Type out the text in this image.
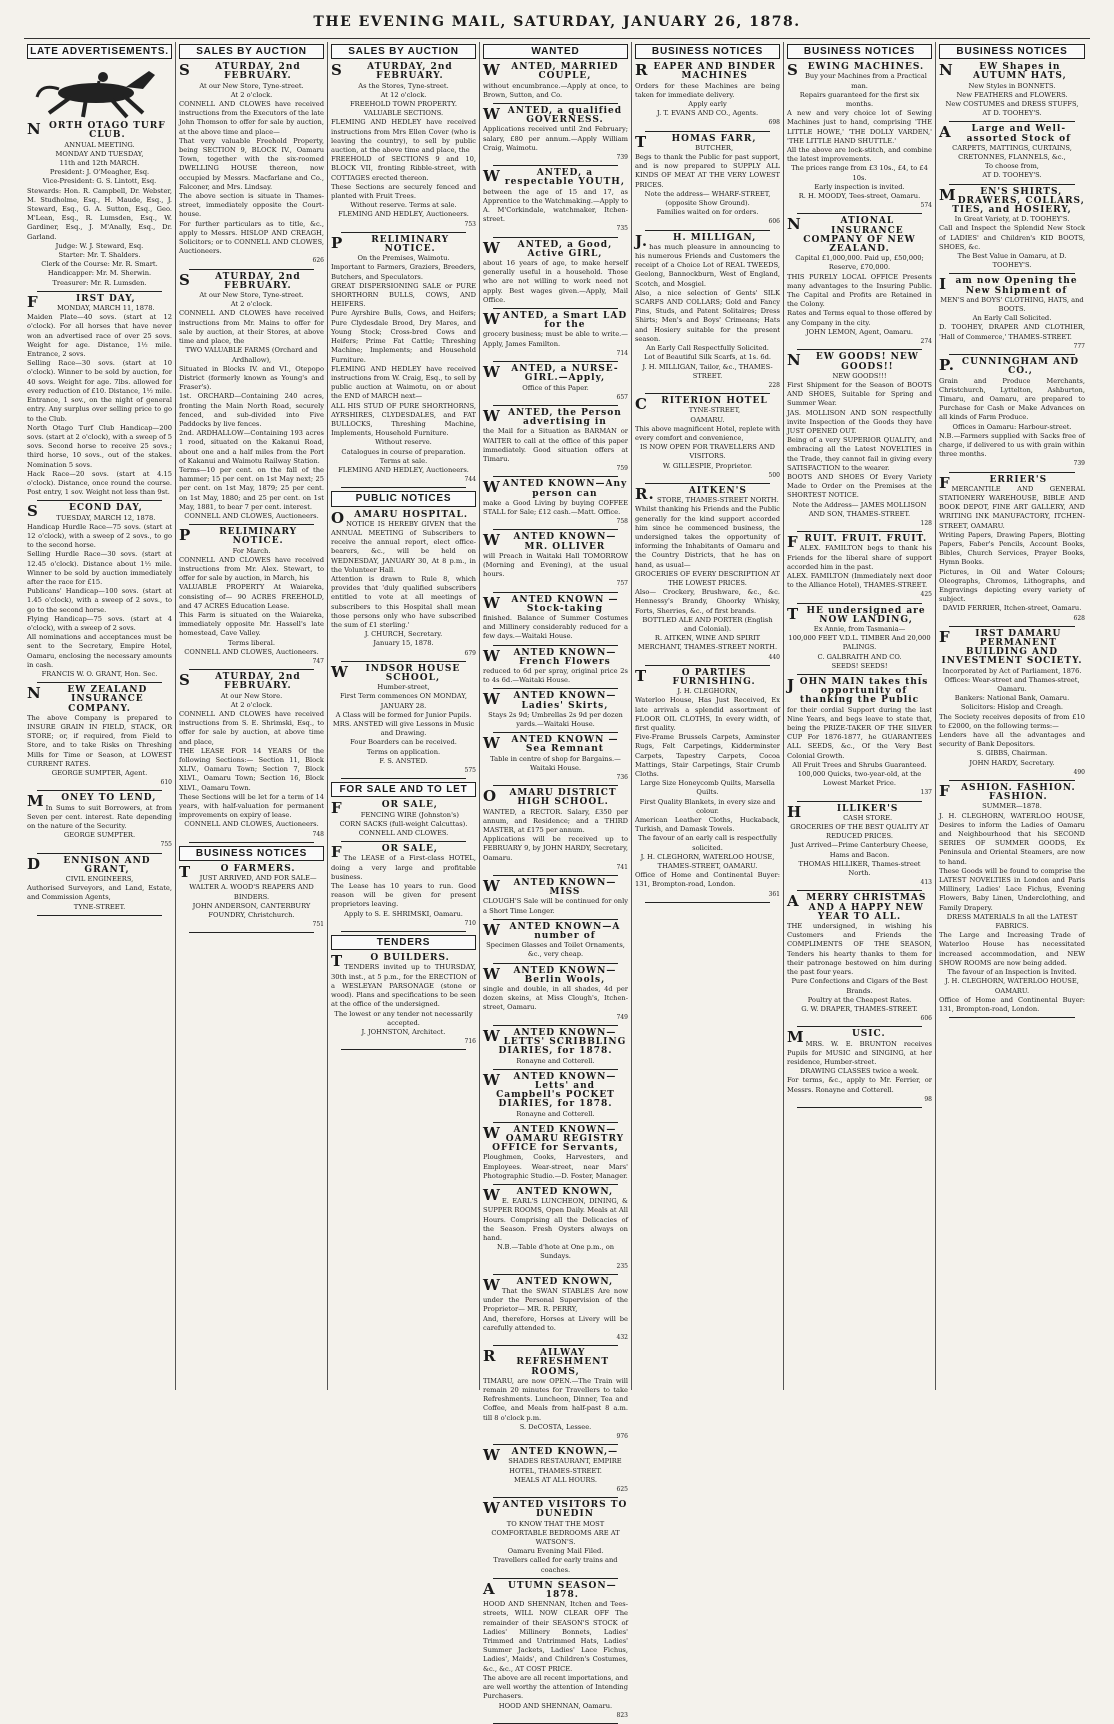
THE EVENING MAIL, SATURDAY, JANUARY 26, 1878.
LATE ADVERTISEMENTS.

NORTH OTAGO TURF CLUB.

ANNUAL MEETING.

MONDAY AND TUESDAY,

11th and 12th MARCH.

President: J. O'Meagher, Esq.

Vice-President: G. S. Lintott, Esq.

Stewards: Hon. R. Campbell, Dr. Webster, M. Studholme, Esq., H. Maude, Esq., J. Steward, Esq., G. A. Sutton, Esq., Geo. M'Lean, Esq., R. Lumsden, Esq., W. Gardiner, Esq., J. M'Anally, Esq., Dr. Garland.

Judge: W. J. Steward, Esq.

Starter: Mr. T. Shalders.

Clerk of the Course: Mr. R. Smart.

Handicapper: Mr. M. Sherwin.

Treasurer: Mr. R. Lumsden.

FIRST DAY,

MONDAY, MARCH 11, 1878.

Maiden Plate—40 sovs. (start at 12 o'clock). For all horses that have never won an advertised race of over 25 sovs. Weight for age. Distance, 1½ mile. Entrance, 2 sovs.

Selling Race—30 sovs. (start at 10 o'clock). Winner to be sold by auction, for 40 sovs. Weight for age. 7lbs. allowed for every reduction of £10. Distance, 1½ mile. Entrance, 1 sov., on the night of general entry. Any surplus over selling price to go to the Club.

North Otago Turf Club Handicap—200 sovs. (start at 2 o'clock), with a sweep of 5 sovs. Second horse to receive 25 sovs.; third horse, 10 sovs., out of the stakes. Nomination 5 sovs.

Hack Race—20 sovs. (start at 4.15 o'clock). Distance, once round the course. Post entry, 1 sov. Weight not less than 9st.

SECOND DAY,

TUESDAY, MARCH 12, 1878.

Handicap Hurdle Race—75 sovs. (start at 12 o'clock), with a sweep of 2 sovs., to go to the second horse.

Selling Hurdle Race—30 sovs. (start at 12.45 o'clock). Distance about 1½ mile. Winner to be sold by auction immediately after the race for £15.

Publicans' Handicap—100 sovs. (start at 1.45 o'clock), with a sweep of 2 sovs., to go to the second horse.

Flying Handicap—75 sovs. (start at 4 o'clock), with a sweep of 2 sovs.

All nominations and acceptances must be sent to the Secretary, Empire Hotel, Oamaru, enclosing the necessary amounts in cash.

FRANCIS W. O. GRANT, Hon. Sec.

NEW ZEALAND INSURANCE COMPANY.

The above Company is prepared to INSURE GRAIN IN FIELD, STACK, OR STORE; or, if required, from Field to Store, and to take Risks on Threshing Mills for Time or Season, at LOWEST CURRENT RATES.

GEORGE SUMPTER, Agent.

610

MONEY TO LEND,

In Sums to suit Borrowers, at from Seven per cent. interest. Rate depending on the nature of the Security.

GEORGE SUMPTER.

755

DENNISON AND GRANT,

CIVIL ENGINEERS,

Authorised Surveyors, and Land, Estate, and Commission Agents,

TYNE-STREET.

SALES BY AUCTION

SATURDAY, 2nd FEBRUARY.

At our New Store, Tyne-street.

At 2 o'clock.

CONNELL AND CLOWES have received instructions from the Executors of the late John Thomson to offer for sale by auction, at the above time and place—

That very valuable Freehold Property, being SECTION 9, BLOCK IV., Oamaru Town, together with the six-roomed DWELLING HOUSE thereon, now occupied by Messrs. Macfarlane and Co., Falconer, and Mrs. Lindsay.

The above section is situate in Thames-street, immediately opposite the Court-house.

For further particulars as to title, &c., apply to Messrs. HISLOP AND CREAGH, Solicitors; or to CONNELL AND CLOWES, Auctioneers.

626

SATURDAY, 2nd FEBRUARY.

At our New Store, Tyne-street.

At 2 o'clock.

CONNELL AND CLOWES have received instructions from Mr. Mains to offer for sale by auction, at their Stores, at above time and place, the

TWO VALUABLE FARMS (Orchard and Ardhallow),

Situated in Blocks IV. and VI., Otepopo District (formerly known as Young's and Fraser's).

1st. ORCHARD—Containing 240 acres, fronting the Main North Road, securely fenced, and sub-divided into Five Paddocks by live fences.

2nd. ARDHALLOW—Containing 193 acres 1 rood, situated on the Kakanui Road, about one and a half miles from the Port of Kakanui and Waimotu Railway Station.

Terms—10 per cent. on the fall of the hammer; 15 per cent. on 1st May next; 25 per cent. on 1st May, 1879; 25 per cent. on 1st May, 1880; and 25 per cent. on 1st May, 1881, to bear 7 per cent. interest.

CONNELL AND CLOWES, Auctioneers.

PRELIMINARY NOTICE.

For March.

CONNELL AND CLOWES have received instructions from Mr. Alex. Stewart, to offer for sale by auction, in March, his

VALUABLE PROPERTY At Waiareka, consisting of— 90 ACRES FREEHOLD, and 47 ACRES Education Lease.

This Farm is situated on the Waiareka, immediately opposite Mr. Hassell's late homestead, Cave Valley.

Terms liberal.

CONNELL AND CLOWES, Auctioneers.

747

SATURDAY, 2nd FEBRUARY.

At our New Store.

At 2 o'clock.

CONNELL AND CLOWES have received instructions from S. E. Shrimski, Esq., to offer for sale by auction, at above time and place,

THE LEASE FOR 14 YEARS Of the following Sections:— Section 11, Block XLIV., Oamaru Town; Section 7, Block XLVI., Oamaru Town; Section 16, Block XLVI., Oamaru Town.

These Sections will be let for a term of 14 years, with half-valuation for permanent improvements on expiry of lease.

CONNELL AND CLOWES, Auctioneers.

748

BUSINESS NOTICES

TO FARMERS.

JUST ARRIVED, AND FOR SALE—

WALTER A. WOOD'S REAPERS AND BINDERS.

JOHN ANDERSON, CANTERBURY FOUNDRY, Christchurch.

751

SALES BY AUCTION

SATURDAY, 2nd FEBRUARY.

As the Stores, Tyne-street.

At 12 o'clock.

FREEHOLD TOWN PROPERTY.

VALUABLE SECTIONS.

FLEMING AND HEDLEY have received instructions from Mrs Ellen Cover (who is leaving the country), to sell by public auction, at the above time and place, the

FREEHOLD of SECTIONS 9 and 10, BLOCK VII, fronting Ribble-street, with COTTAGES erected thereon.

These Sections are securely fenced and planted with Fruit Trees.

Without reserve. Terms at sale.

FLEMING AND HEDLEY, Auctioneers.

753

PRELIMINARY NOTICE.

On the Premises, Waimotu.

Important to Farmers, Graziers, Breeders, Butchers, and Speculators.

GREAT DISPERSIONING SALE or PURE SHORTHORN BULLS, COWS, AND HEIFERS.

Pure Ayrshire Bulls, Cows, and Heifers; Pure Clydesdale Brood, Dry Mares, and Young Stock; Cross-bred Cows and Heifers; Prime Fat Cattle; Threshing Machine; Implements; and Household Furniture.

FLEMING AND HEDLEY have received instructions from W. Craig, Esq., to sell by public auction at Waimotu, on or about the END of MARCH next—

ALL HIS STUD OF PURE SHORTHORNS, AYRSHIRES, CLYDESDALES, and FAT BULLOCKS, Threshing Machine, Implements, Household Furniture.

Without reserve.

Catalogues in course of preparation.

Terms at sale.

FLEMING AND HEDLEY, Auctioneers.

744

PUBLIC NOTICES

OAMARU HOSPITAL.

NOTICE IS HEREBY GIVEN that the ANNUAL MEETING of Subscribers to receive the annual report, elect office-bearers, &c., will be held on WEDNESDAY, JANUARY 30, At 8 p.m., in the Volunteer Hall.

Attention is drawn to Rule 8, which provides that 'duly qualified subscribers entitled to vote at all meetings of subscribers to this Hospital shall mean those persons only who have subscribed the sum of £1 sterling.'

J. CHURCH, Secretary.

January 15, 1878.

679

WINDSOR HOUSE SCHOOL,

Humber-street,

First Term commences ON MONDAY, JANUARY 28.

A Class will be formed for Junior Pupils.

MRS. ANSTED will give Lessons in Music and Drawing.

Four Boarders can be received.

Terms on application.

F. S. ANSTED.

575

FOR SALE AND TO LET

FOR SALE,

FENCING WIRE (Johnston's)

CORN SACKS (full-weight Calcuttas).

CONNELL AND CLOWES.

FOR SALE,

The LEASE of a First-class HOTEL, doing a very large and profitable business.

The Lease has 10 years to run. Good reason will be given for present proprietors leaving.

Apply to S. E. SHRIMSKI, Oamaru.

710

TENDERS

TO BUILDERS.

TENDERS invited up to THURSDAY, 30th inst., at 5 p.m., for the ERECTION of a WESLEYAN PARSONAGE (stone or wood). Plans and specifications to be seen at the office of the undersigned.

The lowest or any tender not necessarily accepted.

J. JOHNSTON, Architect.

716

WANTED

WANTED, MARRIED COUPLE,

without encumbrance.—Apply at once, to Brown, Sutton, and Co.

WANTED, a qualified GOVERNESS.

Applications received until 2nd February; salary, £80 per annum.—Apply William Craig, Waimotu.

739

WANTED, a respectable YOUTH,

between the age of 15 and 17, as Apprentice to the Watchmaking.—Apply to A. M'Corkindale, watchmaker, Itchen-street.

735

WANTED, a Good, Active GIRL,

about 16 years of age, to make herself generally useful in a household. Those who are not willing to work need not apply. Best wages given.—Apply, Mail Office.

WANTED, a Smart LAD for the

grocery business; must be able to write.—Apply, James Familton.

714

WANTED, a NURSE-GIRL.—Apply,

Office of this Paper.

657

WANTED, the Person advertising in

the Mail for a Situation as BARMAN or WAITER to call at the office of this paper immediately. Good situation offers at Timaru.

759

WANTED KNOWN—Any person can

make a Good Living by buying COFFEE STALL for Sale; £12 cash.—Matt. Office.

758

WANTED KNOWN—MR. OLLIVER

will Preach in Waitaki Hall TOMORROW (Morning and Evening), at the usual hours.

757

WANTED KNOWN — Stock-taking

finished. Balance of Summer Costumes and Millinery considerably reduced for a few days.—Waitaki House.

WANTED KNOWN—French Flowers

reduced to 6d per spray, original price 2s to 4s 6d.—Waitaki House.

WANTED KNOWN—Ladies' Skirts,

Stays 2s 9d; Umbrellas 2s 9d per dozen yards.—Waitaki House.

WANTED KNOWN — Sea Remnant

Table in centre of shop for Bargains.—Waitaki House.

736

OAMARU DISTRICT HIGH SCHOOL.

WANTED, a RECTOR. Salary, £350 per annum, and Residence; and a THIRD MASTER, at £175 per annum.

Applications will be received up to FEBRUARY 9, by JOHN HARDY, Secretary, Oamaru.

741

WANTED KNOWN—MISS

CLOUGH'S Sale will be continued for only a Short Time Longer.

WANTED KNOWN—A number of

Specimen Glasses and Toilet Ornaments, &c., very cheap.

WANTED KNOWN—Berlin Wools,

single and double, in all shades, 4d per dozen skeins, at Miss Clough's, Itchen-street, Oamaru.

749

WANTED KNOWN—LETTS' SCRIBBLING DIARIES, for 1878.

Ronayne and Cotterell.

WANTED KNOWN—Letts' and Campbell's POCKET DIARIES, for 1878.

Ronayne and Cotterell.

WANTED KNOWN—OAMARU REGISTRY OFFICE for Servants,

Ploughmen, Cooks, Harvesters, and Employees. Wear-street, near Mars' Photographic Studio.—D. Foster, Manager.

WANTED KNOWN,

E. EARL'S LUNCHEON, DINING, & SUPPER ROOMS, Open Daily. Meals at All Hours. Comprising all the Delicacies of the Season. Fresh Oysters always on hand.

N.B.—Table d'hote at One p.m., on Sundays.

235

WANTED KNOWN,

That the SWAN STABLES Are now under the Personal Supervision of the Proprietor— MR. R. PERRY,

And, therefore, Horses at Livery will be carefully attended to.

432

RAILWAY REFRESHMENT ROOMS,

TIMARU, are now OPEN.—The Train will remain 20 minutes for Travellers to take Refreshments. Luncheon, Dinner, Tea and Coffee, and Meals from half-past 8 a.m. till 8 o'clock p.m.

S. DeCOSTA, Lessee.

976

WANTED KNOWN,—

SHADES RESTAURANT, EMPIRE HOTEL, THAMES-STREET.

MEALS AT ALL HOURS.

625

WANTED VISITORS TO DUNEDIN

TO KNOW THAT THE MOST COMFORTABLE BEDROOMS ARE AT WATSON'S.

Oamaru Evening Mail Filed.

Travellers called for early trains and coaches.

AUTUMN SEASON—1878.

HOOD AND SHENNAN, Itchen and Tees-streets, WILL NOW CLEAR OFF The remainder of their SEASON'S STOCK of Ladies' Millinery Bonnets, Ladies' Trimmed and Untrimmed Hats, Ladies' Summer Jackets, Ladies' Lace Fichus, Ladies', Maids', and Children's Costumes, &c., &c., AT COST PRICE.

The above are all recent importations, and are well worthy the attention of Intending Purchasers.

HOOD AND SHENNAN, Oamaru.

823

BUSINESS NOTICES

REAPER AND BINDER MACHINES

Orders for these Machines are being taken for immediate delivery.

Apply early

J. T. EVANS AND CO., Agents.

698

THOMAS FARR,

BUTCHER,

Begs to thank the Public for past support, and is now prepared to SUPPLY ALL KINDS OF MEAT AT THE VERY LOWEST PRICES.

Note the address— WHARF-STREET, (opposite Show Ground).

Families waited on for orders.

606

J.H. MILLIGAN,

has much pleasure in announcing to his numerous Friends and Customers the receipt of a Choice Lot of REAL TWEEDS, Geelong, Bannockburn, West of England, Scotch, and Mosgiel.

Also, a nice selection of Gents' SILK SCARFS AND COLLARS; Gold and Fancy Pins, Studs, and Patent Solitaires; Dress Shirts; Men's and Boys' Crimeans; Hats and Hosiery suitable for the present season.

An Early Call Respectfully Solicited.

Lot of Beautiful Silk Scarfs, at 1s. 6d.

J. H. MILLIGAN, Tailor, &c., THAMES-STREET.

228

CRITERION HOTEL

TYNE-STREET,

OAMARU.

This above magnificent Hotel, replete with every comfort and convenience,

IS NOW OPEN FOR TRAVELLERS AND VISITORS.

W. GILLESPIE, Proprietor.

500

R.AITKEN'S

STORE, THAMES-STREET NORTH.

Whilst thanking his Friends and the Public generally for the kind support accorded him since he commenced business, the undersigned takes the opportunity of informing the Inhabitants of Oamaru and the Country Districts, that he has on hand, as usual—

GROCERIES OF EVERY DESCRIPTION AT THE LOWEST PRICES.

Also— Crockery, Brushware, &c., &c. Hennessy's Brandy, Ghoorky Whisky, Forts, Sherries, &c., of first brands.

BOTTLED ALE AND PORTER (English and Colonial).

R. AITKEN, WINE AND SPIRIT MERCHANT, THAMES-STREET NORTH.

440

TO PARTIES FURNISHING.

J. H. CLEGHORN,

Waterloo House, Has Just Received, Ex late arrivals a splendid assortment of FLOOR OIL CLOTHS, In every width, of first quality.

Five-Frame Brussels Carpets, Axminster Rugs, Felt Carpetings, Kidderminster Carpets, Tapestry Carpets, Cocoa Mattings, Stair Carpetings, Stair Crumb Cloths.

Large Size Honeycomb Quilts, Marsella Quilts.

First Quality Blankets, in every size and colour.

American Leather Cloths, Huckaback, Turkish, and Damask Towels.

The favour of an early call is respectfully solicited.

J. H. CLEGHORN, WATERLOO HOUSE, THAMES-STREET, OAMARU.

Office of Home and Continental Buyer: 131, Brompton-road, London.

361

BUSINESS NOTICES

SEWING MACHINES.

Buy your Machines from a Practical man.

Repairs guaranteed for the first six months.

A new and very choice lot of Sewing Machines just to hand, comprising 'THE LITTLE HOWE,' 'THE DOLLY VARDEN,' 'THE LITTLE HAND SHUTTLE.'

All the above are lock-stitch, and combine the latest improvements.

The prices range from £3 10s., £4, to £4 10s.

Early inspection is invited.

R. H. MOODY, Tees-street, Oamaru.

574

NATIONAL INSURANCE COMPANY OF NEW ZEALAND.

Capital £1,000,000. Paid up, £50,000; Reserve, £70,000.

THIS PURELY LOCAL OFFICE Presents many advantages to the Insuring Public. The Capital and Profits are Retained in the Colony.

Rates and Terms equal to those offered by any Company in the city.

JOHN LEMON, Agent, Oamaru.

274

NEW GOODS! NEW GOODS!!

NEW GOODS!!!

First Shipment for the Season of BOOTS AND SHOES, Suitable for Spring and Summer Wear.

JAS. MOLLISON AND SON respectfully invite Inspection of the Goods they have JUST OPENED OUT.

Being of a very SUPERIOR QUALITY, and embracing all the Latest NOVELTIES in the Trade, they cannot fail in giving every SATISFACTION to the wearer.

BOOTS AND SHOES Of Every Variety Made to Order on the Premises at the SHORTEST NOTICE.

Note the Address— JAMES MOLLISON AND SON, THAMES-STREET.

128

FRUIT. FRUIT. FRUIT.

ALEX. FAMILTON begs to thank his Friends for the liberal share of support accorded him in the past.

ALEX. FAMILTON (Immediately next door to the Alliance Hotel), THAMES-STREET.

425

THE undersigned are NOW LANDING,

Ex Annie, from Tasmania—

100,000 FEET V.D.L. TIMBER And 20,000 PALINGS.

C. GALBRAITH AND CO.

SEEDS! SEEDS!

JOHN MAIN takes this opportunity of thanking the Public

for their cordial Support during the last Nine Years, and begs leave to state that, being the PRIZE-TAKER OF THE SILVER CUP For 1876-1877, he GUARANTEES ALL SEEDS, &c., Of the Very Best Colonial Growth.

All Fruit Trees and Shrubs Guaranteed.

100,000 Quicks, two-year-old, at the Lowest Market Price.

137

HILLIKER'S

CASH STORE.

GROCERIES OF THE BEST QUALITY AT REDUCED PRICES.

Just Arrived—Prime Canterbury Cheese, Hams and Bacon.

THOMAS HILLIKER, Thames-street North.

413

AMERRY CHRISTMAS AND A HAPPY NEW YEAR TO ALL.

THE undersigned, in wishing his Customers and Friends the COMPLIMENTS OF THE SEASON, Tenders his hearty thanks to them for their patronage bestowed on him during the past four years.

Pure Confections and Cigars of the Best Brands.

Poultry at the Cheapest Rates.

G. W. DRAPER, THAMES-STREET.

606

MUSIC.

MRS. W. E. BRUNTON receives Pupils for MUSIC and SINGING, at her residence, Humber-street.

DRAWING CLASSES twice a week.

For terms, &c., apply to Mr. Ferrier, or Messrs. Ronayne and Cotterell.

98

BUSINESS NOTICES

NEW Shapes in AUTUMN HATS,

New Styles in BONNETS.

New FEATHERS and FLOWERS.

New COSTUMES and DRESS STUFFS,

AT D. TOOHEY'S.

ALarge and Well-assorted Stock of

CARPETS, MATTINGS, CURTAINS, CRETONNES, FLANNELS, &c.,

To choose from,

AT D. TOOHEY'S.

MEN'S SHIRTS, DRAWERS, COLLARS, TIES, and HOSIERY,

In Great Variety, at D. TOOHEY'S.

Call and Inspect the Splendid New Stock of LADIES' and Children's KID BOOTS, SHOES, &c.

The Best Value in Oamaru, at D. TOOHEY'S.

Iam now Opening the New Shipment of

MEN'S and BOYS' CLOTHING, HATS, and BOOTS.

An Early Call Solicited.

D. TOOHEY, DRAPER AND CLOTHIER, 'Hall of Commerce,' THAMES-STREET.

777

P.CUNNINGHAM AND CO.,

Grain and Produce Merchants, Christchurch, Lyttelton, Ashburton, Timaru, and Oamaru, are prepared to Purchase for Cash or Make Advances on all kinds of Farm Produce.

Offices in Oamaru: Harbour-street.

N.B.—Farmers supplied with Sacks free of charge, if delivered to us with grain within three months.

739

FERRIER'S

MERCANTILE AND GENERAL STATIONERY WAREHOUSE, BIBLE AND BOOK DEPOT, FINE ART GALLERY, AND WRITING INK MANUFACTORY, ITCHEN-STREET, OAMARU.

Writing Papers, Drawing Papers, Blotting Papers, Faber's Pencils, Account Books, Bibles, Church Services, Prayer Books, Hymn Books.

Pictures, in Oil and Water Colours; Oleographs, Chromos, Lithographs, and Engravings depicting every variety of subject.

DAVID FERRIER, Itchen-street, Oamaru.

628

FIRST DAMARU PERMANENT BUILDING AND INVESTMENT SOCIETY.

Incorporated by Act of Parliament, 1876.

Offices: Wear-street and Thames-street, Oamaru.

Bankers: National Bank, Oamaru.

Solicitors: Hislop and Creagh.

The Society receives deposits of from £10 to £2000, on the following terms:—

Lenders have all the advantages and security of Bank Depositors.

S. GIBBS, Chairman.

JOHN HARDY, Secretary.

490

FASHION. FASHION. FASHION.

SUMMER—1878.

J. H. CLEGHORN, WATERLOO HOUSE, Desires to inform the Ladies of Oamaru and Neighbourhood that his SECOND SERIES OF SUMMER GOODS, Ex Peninsula and Oriental Steamers, are now to hand.

These Goods will be found to comprise the LATEST NOVELTIES in London and Paris Millinery, Ladies' Lace Fichus, Evening Flowers, Baby Linen, Underclothing, and Family Drapery.

DRESS MATERIALS In all the LATEST FABRICS.

The Large and Increasing Trade of Waterloo House has necessitated increased accommodation, and NEW SHOW ROOMS are now being added.

The favour of an Inspection is Invited.

J. H. CLEGHORN, WATERLOO HOUSE, OAMARU.

Office of Home and Continental Buyer: 131, Brompton-road, London.
